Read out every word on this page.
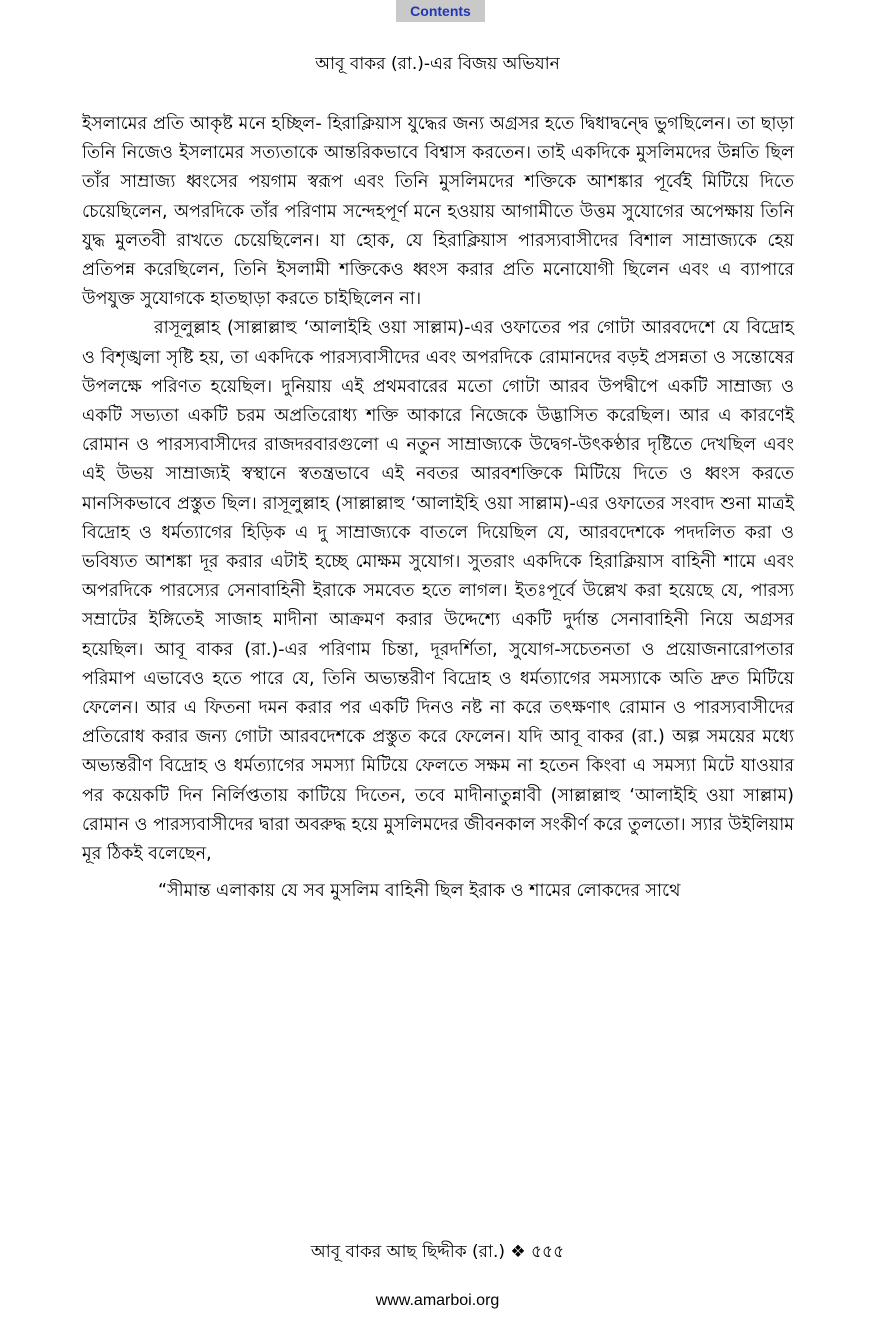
Contents
আবূ বাকর (রা.)-এর বিজয় অভিযান

ইসলামের প্রতি আকৃষ্ট মনে হচ্ছিল- হিরাক্লিয়াস যুদ্ধের জন্য অগ্রসর হতে দ্বিধাদ্বন্দ্বে ভুগছিলেন। তা ছাড়া তিনি নিজেও ইসলামের সত্যতাকে আন্তরিকভাবে বিশ্বাস করতেন। তাই একদিকে মুসলিমদের উন্নতি ছিল তাঁর সাম্রাজ্য ধ্বংসের পয়গাম স্বরূপ এবং তিনি মুসলিমদের শক্তিকে আশঙ্কার পূর্বেই মিটিয়ে দিতে চেয়েছিলেন, অপরদিকে তাঁর পরিণাম সন্দেহপূর্ণ মনে হওয়ায় আগামীতে উত্তম সুযোগের অপেক্ষায় তিনি যুদ্ধ মুলতবী রাখতে চেয়েছিলেন। যা হোক, যে হিরাক্লিয়াস পারস্যবাসীদের বিশাল সাম্রাজ্যকে হেয় প্রতিপন্ন করেছিলেন, তিনি ইসলামী শক্তিকেও ধ্বংস করার প্রতি মনোযোগী ছিলেন এবং এ ব্যাপারে উপযুক্ত সুযোগকে হাতছাড়া করতে চাইছিলেন না।

রাসূলুল্লাহ (সাল্লাল্লাহু ‘আলাইহি ওয়া সাল্লাম)-এর ওফাতের পর গোটা আরবদেশে যে বিদ্রোহ ও বিশৃঙ্খলা সৃষ্টি হয়, তা একদিকে পারস্যবাসীদের এবং অপরদিকে রোমানদের বড়ই প্রসন্নতা ও সন্তোষের উপলক্ষে পরিণত হয়েছিল। দুনিয়ায় এই প্রথমবারের মতো গোটা আরব উপদ্বীপে একটি সাম্রাজ্য ও একটি সভ্যতা একটি চরম অপ্রতিরোধ্য শক্তি আকারে নিজেকে উদ্ভাসিত করেছিল। আর এ কারণেই রোমান ও পারস্যবাসীদের রাজদরবারগুলো এ নতুন সাম্রাজ্যকে উদ্বেগ-উৎকণ্ঠার দৃষ্টিতে দেখছিল এবং এই উভয় সাম্রাজ্যই স্বস্থানে স্বতন্ত্রভাবে এই নবতর আরবশক্তিকে মিটিয়ে দিতে ও ধ্বংস করতে মানসিকভাবে প্রস্তুত ছিল। রাসূলুল্লাহ (সাল্লাল্লাহু ‘আলাইহি ওয়া সাল্লাম)-এর ওফাতের সংবাদ শুনা মাত্রই বিদ্রোহ ও ধর্মত্যাগের হিড়িক এ দু সাম্রাজ্যকে বাতলে দিয়েছিল যে, আরবদেশকে পদদলিত করা ও ভবিষ্যত আশঙ্কা দূর করার এটাই হচ্ছে মোক্ষম সুযোগ। সুতরাং একদিকে হিরাক্লিয়াস বাহিনী শামে এবং অপরদিকে পারস্যের সেনাবাহিনী ইরাকে সমবেত হতে লাগল। ইতঃপূর্বে উল্লেখ করা হয়েছে যে, পারস্য সম্রাটের ইঙ্গিতেই সাজাহ মাদীনা আক্রমণ করার উদ্দেশ্যে একটি দুর্দান্ত সেনাবাহিনী নিয়ে অগ্রসর হয়েছিল। আবূ বাকর (রা.)-এর পরিণাম চিন্তা, দূরদর্শিতা, সুযোগ-সচেতনতা ও প্রয়োজনারোপতার পরিমাপ এভাবেও হতে পারে যে, তিনি অভ্যন্তরীণ বিদ্রোহ ও ধর্মত্যাগের সমস্যাকে অতি দ্রুত মিটিয়ে ফেলেন। আর এ ফিতনা দমন করার পর একটি দিনও নষ্ট না করে তৎক্ষণাৎ রোমান ও পারস্যবাসীদের প্রতিরোধ করার জন্য গোটা আরবদেশকে প্রস্তুত করে ফেলেন। যদি আবূ বাকর (রা.) অল্প সময়ের মধ্যে অভ্যন্তরীণ বিদ্রোহ ও ধর্মত্যাগের সমস্যা মিটিয়ে ফেলতে সক্ষম না হতেন কিংবা এ সমস্যা মিটে যাওয়ার পর কয়েকটি দিন নির্লিপ্ততায় কাটিয়ে দিতেন, তবে মাদীনাতুন্নাবী (সাল্লাল্লাহু ‘আলাইহি ওয়া সাল্লাম) রোমান ও পারস্যবাসীদের দ্বারা অবরুদ্ধ হয়ে মুসলিমদের জীবনকাল সংকীর্ণ করে তুলতো। স্যার উইলিয়াম মূর ঠিকই বলেছেন,

“সীমান্ত এলাকায় যে সব মুসলিম বাহিনী ছিল ইরাক ও শামের লোকদের সাথে

আবূ বাকর আছ ছিদ্দীক (রা.) ❖ ৫৫৫
www.amarboi.org
